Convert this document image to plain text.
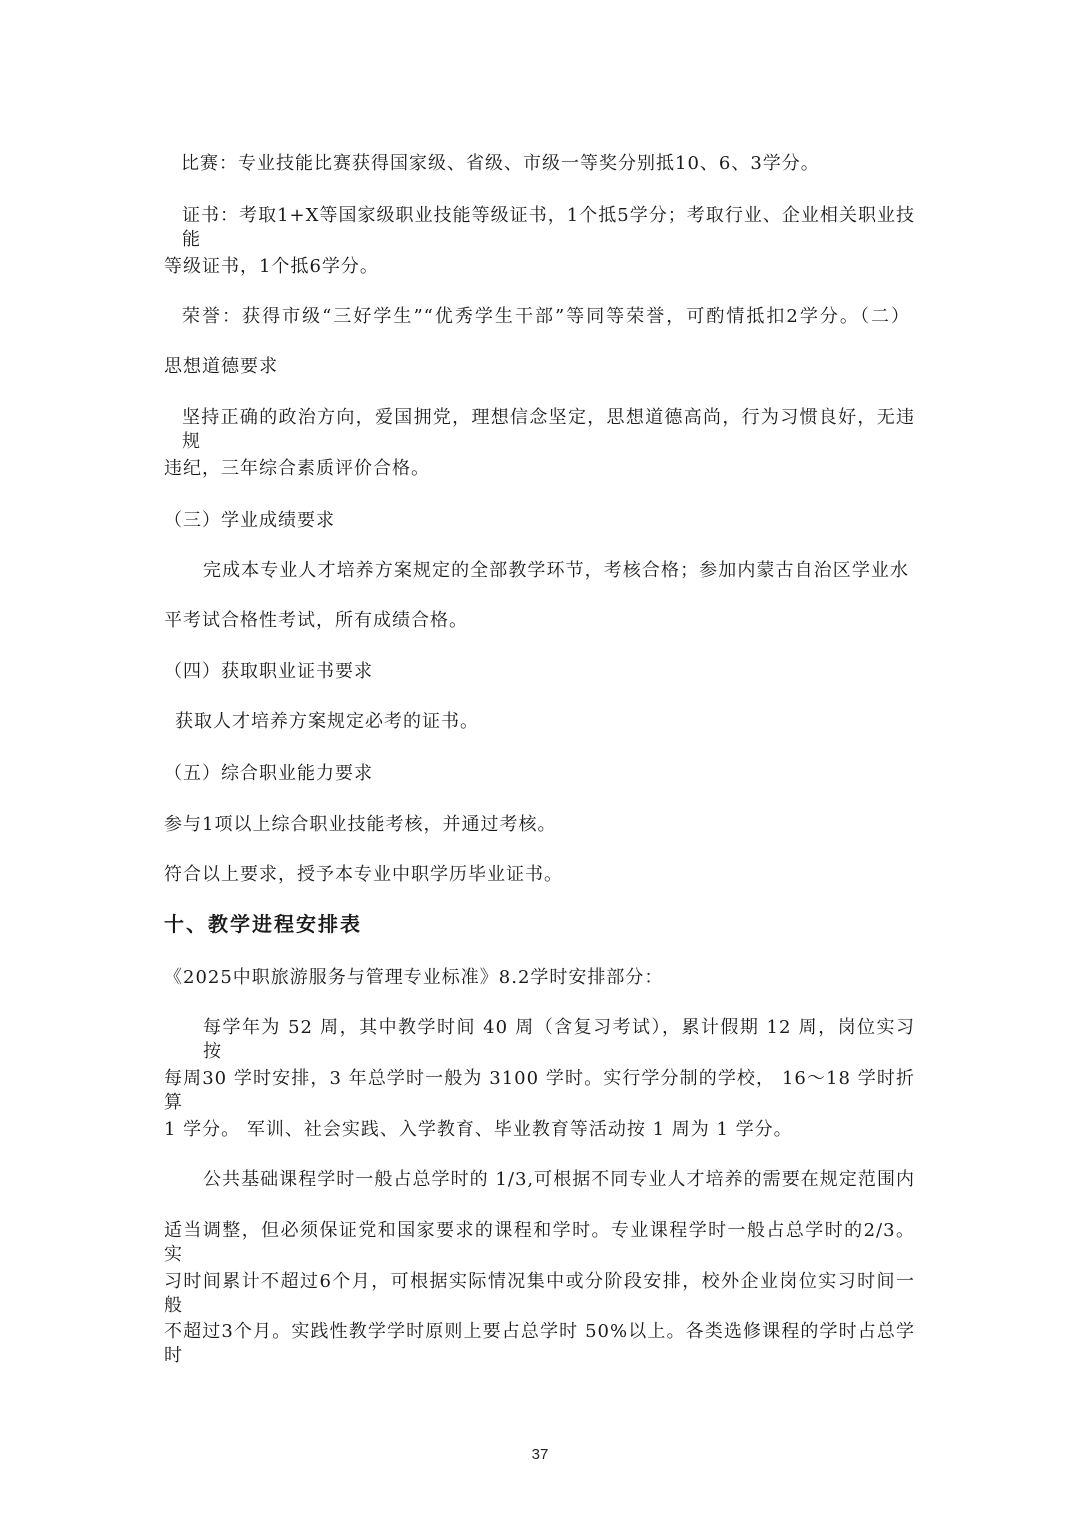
比赛：专业技能比赛获得国家级、省级、市级一等奖分别抵10、6、3学分。
证书：考取1+X等国家级职业技能等级证书，1个抵5学分；考取行业、企业相关职业技能
等级证书，1个抵6学分。
荣誉：获得市级“三好学生”“优秀学生干部”等同等荣誉，可酌情抵扣2学分。（二）
思想道德要求
坚持正确的政治方向，爱国拥党，理想信念坚定，思想道德高尚，行为习惯良好，无违规
违纪，三年综合素质评价合格。
（三）学业成绩要求
完成本专业人才培养方案规定的全部教学环节，考核合格；参加内蒙古自治区学业水
平考试合格性考试，所有成绩合格。
（四）获取职业证书要求
获取人才培养方案规定必考的证书。
（五）综合职业能力要求
参与1项以上综合职业技能考核，并通过考核。
符合以上要求，授予本专业中职学历毕业证书。
十、教学进程安排表
《2025中职旅游服务与管理专业标准》8.2学时安排部分：
每学年为 52 周，其中教学时间 40 周（含复习考试），累计假期 12 周，岗位实习按
每周30 学时安排，3 年总学时一般为 3100 学时。实行学分制的学校， 16～18 学时折算
1 学分。 军训、社会实践、入学教育、毕业教育等活动按 1 周为 1 学分。
公共基础课程学时一般占总学时的 1/3,可根据不同专业人才培养的需要在规定范围内
适当调整，但必须保证党和国家要求的课程和学时。专业课程学时一般占总学时的2/3。实
习时间累计不超过6个月，可根据实际情况集中或分阶段安排，校外企业岗位实习时间一般
不超过3个月。实践性教学学时原则上要占总学时 50%以上。各类选修课程的学时占总学时
37
